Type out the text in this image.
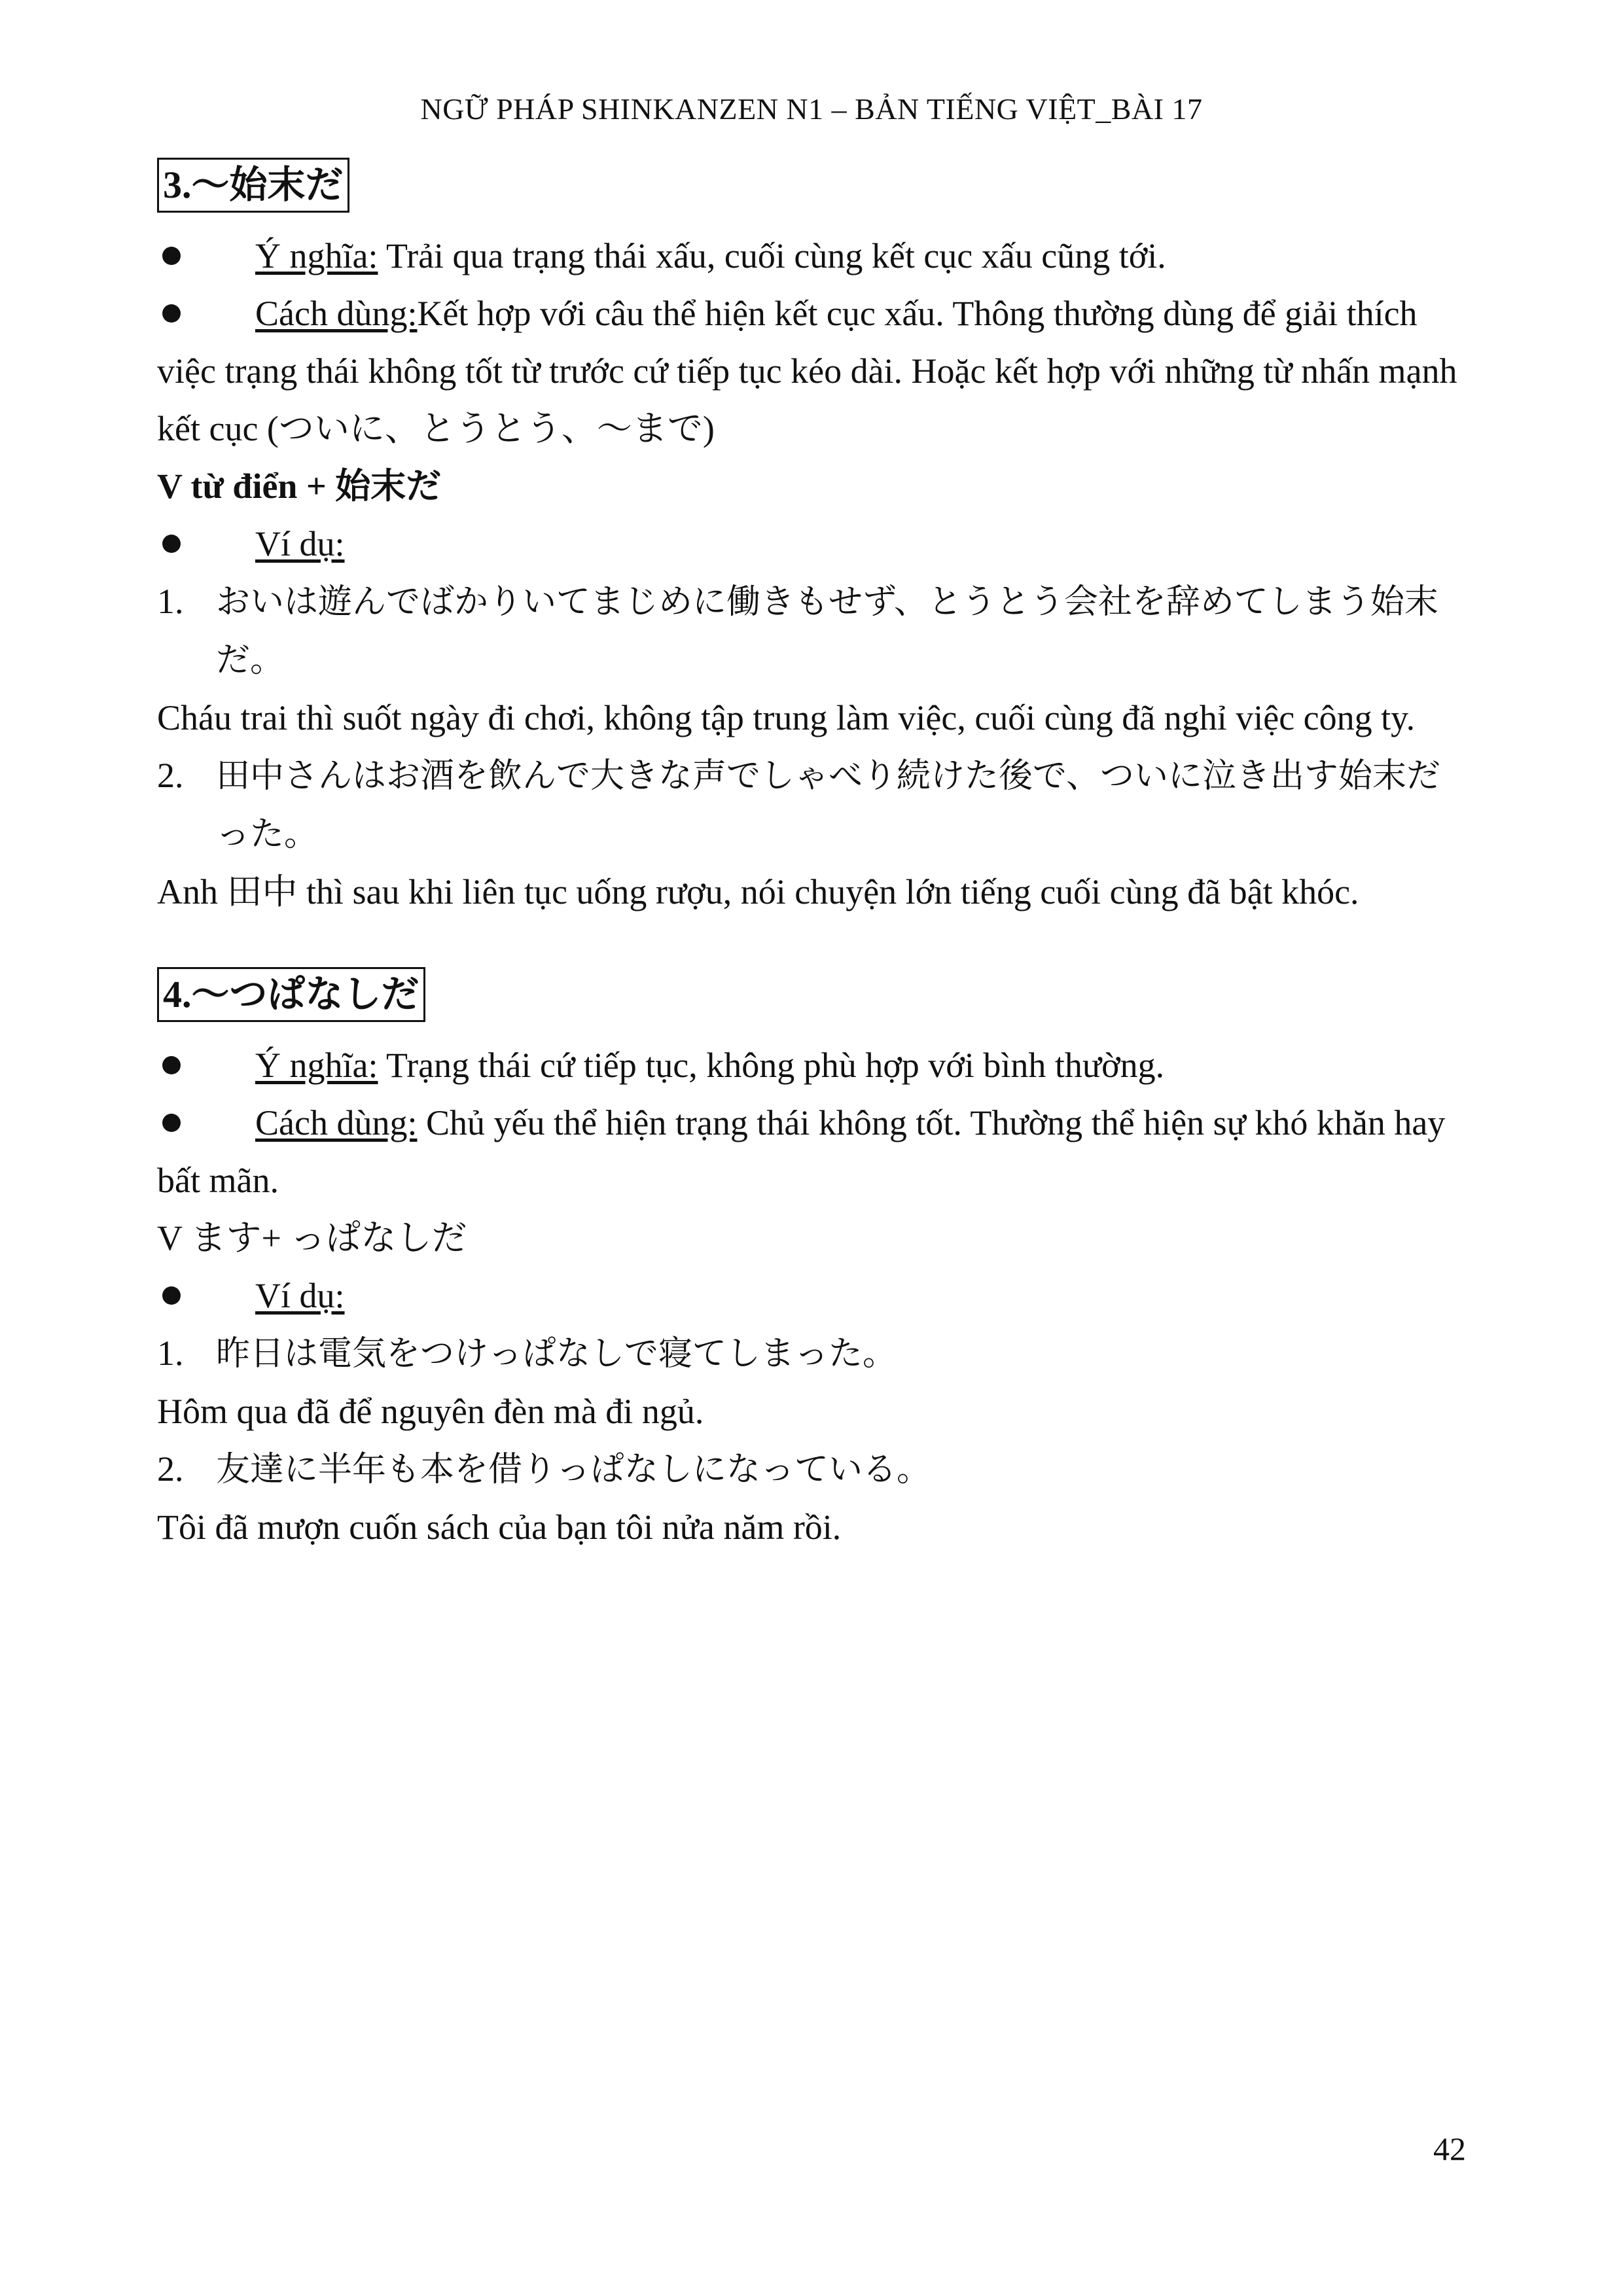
NGỮ PHÁP SHINKANZEN N1 – BẢN TIẾNG VIỆT_BÀI 17
3.～始末だ

Ý nghĩa: Trải qua trạng thái xấu, cuối cùng kết cục xấu cũng tới.

Cách dùng:Kết hợp với câu thể hiện kết cục xấu. Thông thường dùng để giải thích việc trạng thái không tốt từ trước cứ tiếp tục kéo dài. Hoặc kết hợp với những từ nhấn mạnh kết cục (ついに、とうとう、～まで)

V từ điển + 始末だ

Ví dụ:

1. おいは遊んでばかりいてまじめに働きもせず、とうとう会社を辞めてしまう始末だ。

Cháu trai thì suốt ngày đi chơi, không tập trung làm việc, cuối cùng đã nghỉ việc công ty.

2. 田中さんはお酒を飲んで大きな声でしゃべり続けた後で、ついに泣き出す始末だった。

Anh 田中 thì sau khi liên tục uống rượu, nói chuyện lớn tiếng cuối cùng đã bật khóc.

4.～つぱなしだ

Ý nghĩa: Trạng thái cứ tiếp tục, không phù hợp với bình thường.

Cách dùng: Chủ yếu thể hiện trạng thái không tốt. Thường thể hiện sự khó khăn hay bất mãn.

V ます+ っぱなしだ

Ví dụ:

1. 昨日は電気をつけっぱなしで寝てしまった。

Hôm qua đã để nguyên đèn mà đi ngủ.

2. 友達に半年も本を借りっぱなしになっている。

Tôi đã mượn cuốn sách của bạn tôi nửa năm rồi.

42
